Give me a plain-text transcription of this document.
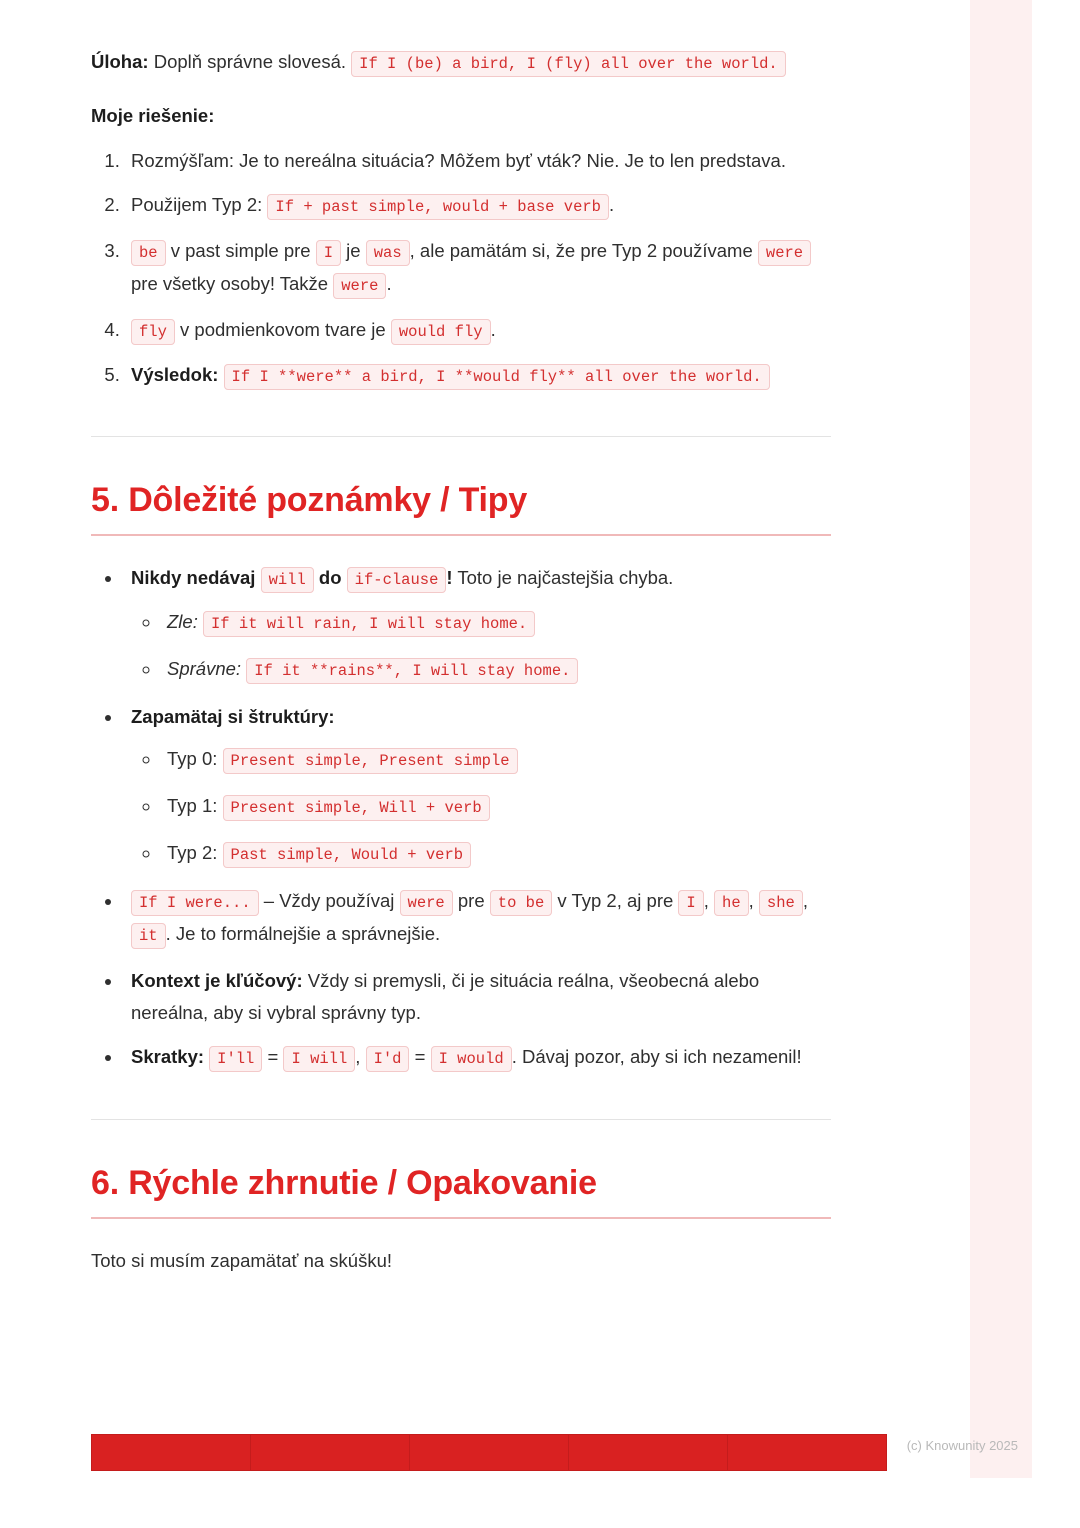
Úloha: Doplň správne slovesá. If I (be) a bird, I (fly) all over the world.

Moje riešenie:
1. Rozmýšľam: Je to nereálna situácia? Môžem byť vták? Nie. Je to len predstava.
2. Použijem Typ 2: If + past simple, would + base verb .
3. be v past simple pre I je was , ale pamätám si, že pre Typ 2 používame were pre všetky osoby! Takže were .
4. fly v podmienkovom tvare je would fly .
5. Výsledok: If I **were** a bird, I **would fly** all over the world.
5. Dôležité poznámky / Tipy
• Nikdy nedávaj will do if-clause ! Toto je najčastejšia chyba.
◦ Zle: If it will rain, I will stay home.
◦ Správne: If it **rains**, I will stay home.
• Zapamätaj si štruktúry:
◦ Typ 0: Present simple, Present simple
◦ Typ 1: Present simple, Will + verb
◦ Typ 2: Past simple, Would + verb
• If I were... – Vždy používaj were pre to be v Typ 2, aj pre I , he , she , it . Je to formálnejšie a správnejšie.
• Kontext je kľúčový: Vždy si premysli, či je situácia reálna, všeobecná alebo nereálna, aby si vybral správny typ.
• Skratky: I'll = I will , I'd = I would . Dávaj pozor, aby si ich nezamenil!
6. Rýchle zhrnutie / Opakovanie

Toto si musím zapamätať na skúšku!

(c) Knowunity 2025
